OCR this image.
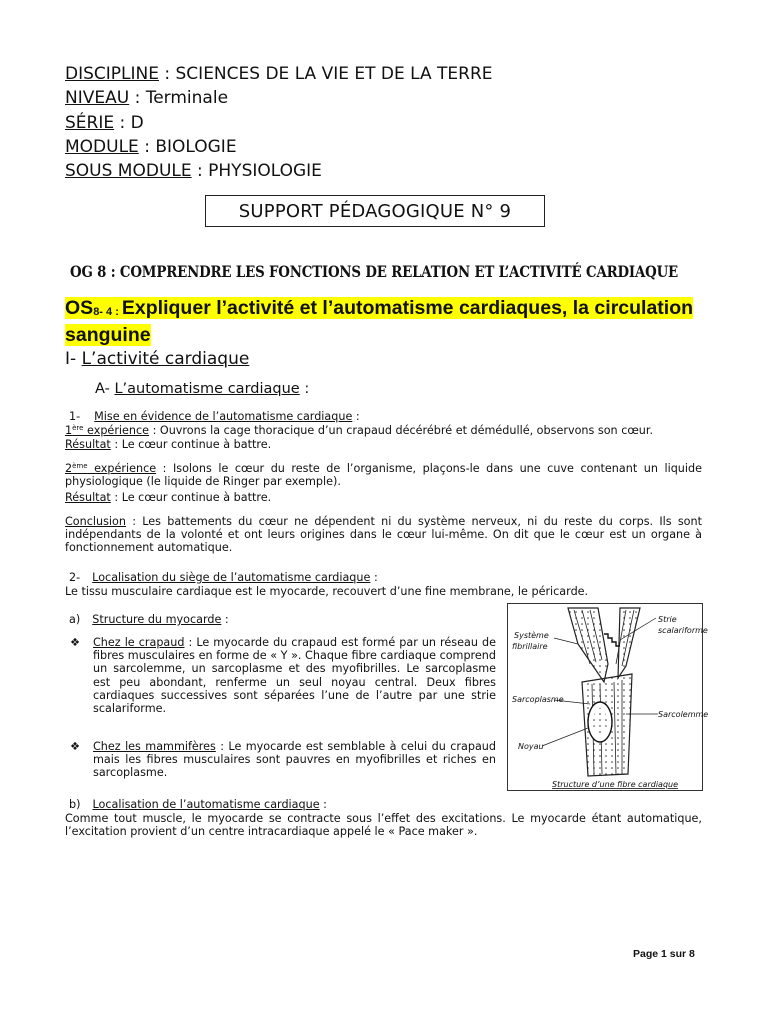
DISCIPLINE : SCIENCES DE LA VIE ET DE LA TERRE
NIVEAU : Terminale
SÉRIE : D
MODULE : BIOLOGIE
SOUS MODULE : PHYSIOLOGIE
SUPPORT PÉDAGOGIQUE N° 9
OG 8 : COMPRENDRE LES FONCTIONS DE RELATION ET L’ACTIVITÉ CARDIAQUE
$OS_{8- 4 :}$ Expliquer l’activité et l’automatisme cardiaques, la circulation sanguine
I- L’activité cardiaque
A- L’automatisme cardiaque :
1- Mise en évidence de l’automatisme cardiaque :
1ère expérience : Ouvrons la cage thoracique d’un crapaud décérébré et démédullé, observons son cœur.
Résultat : Le cœur continue à battre.
2ème expérience : Isolons le cœur du reste de l’organisme, plaçons-le dans une cuve contenant un liquide physiologique (le liquide de Ringer par exemple).
Résultat : Le cœur continue à battre.
Conclusion : Les battements du cœur ne dépendent ni du système nerveux, ni du reste du corps. Ils sont indépendants de la volonté et ont leurs origines dans le cœur lui-même. On dit que le cœur est un organe à fonctionnement automatique.
2- Localisation du siège de l’automatisme cardiaque :
Le tissu musculaire cardiaque est le myocarde, recouvert d’une fine membrane, le péricarde.
a) Structure du myocarde :
❖ Chez le crapaud : Le myocarde du crapaud est formé par un réseau de fibres musculaires en forme de « Y ». Chaque fibre cardiaque comprend un sarcolemme, un sarcoplasme et des myofibrilles. Le sarcoplasme est peu abondant, renferme un seul noyau central. Deux fibres cardiaques successives sont séparées l’une de l’autre par une strie scalariforme.
❖ Chez les mammifères : Le myocarde est semblable à celui du crapaud mais les fibres musculaires sont pauvres en myofibrilles et riches en sarcoplasme.
b) Localisation de l’automatisme cardiaque :
Comme tout muscle, le myocarde se contracte sous l’effet des excitations. Le myocarde étant automatique, l’excitation provient d’un centre intracardiaque appelé le « Pace maker ».
Système
fibrillaire
Strie
scalariforme
Sarcoplasme
Sarcolemme
Noyau
Structure d’une fibre cardiaque
Page 1 sur 8
